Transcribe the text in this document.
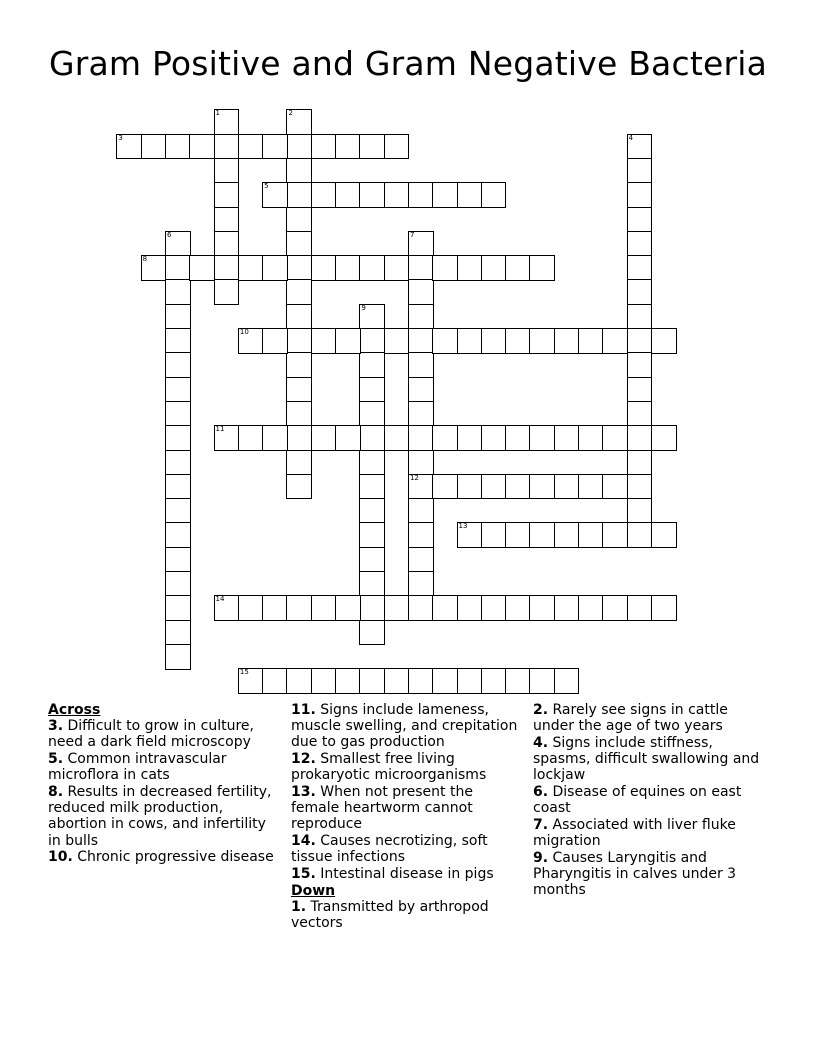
Gram Positive and Gram Negative Bacteria
1	2
3	4
5
6	7
12
8
9
10
11
13
14
15
Across
3. Difficult to grow in culture, need a dark field microscopy
5. Common intravascular microflora in cats
8. Results in decreased fertility, reduced milk production, abortion in cows, and infertility in bulls
10. Chronic progressive disease
11. Signs include lameness, muscle swelling, and crepitation due to gas production
12. Smallest free living prokaryotic microorganisms
13. When not present the female heartworm cannot reproduce
14. Causes necrotizing, soft tissue infections
15. Intestinal disease in pigs
Down
1. Transmitted by arthropod vectors
2. Rarely see signs in cattle under the age of two years
4. Signs include stiffness, spasms, difficult swallowing and lockjaw
6. Disease of equines on east coast
7. Associated with liver fluke migration
9. Causes Laryngitis and Pharyngitis in calves under 3 months
